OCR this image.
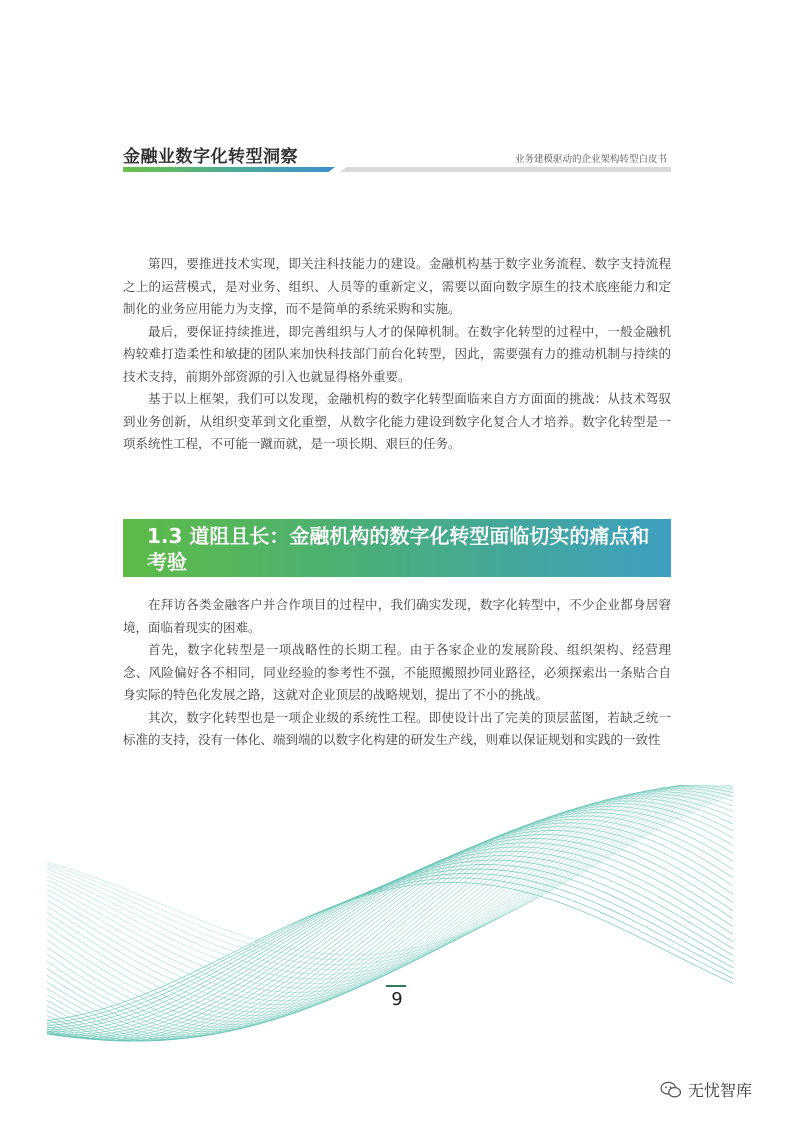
金融业数字化转型洞察	业务建模驱动的企业架构转型白皮书

第四，要推进技术实现，即关注科技能力的建设。金融机构基于数字业务流程、数字支持流程之上的运营模式，是对业务、组织、人员等的重新定义，需要以面向数字原生的技术底座能力和定制化的业务应用能力为支撑，而不是简单的系统采购和实施。

最后，要保证持续推进，即完善组织与人才的保障机制。在数字化转型的过程中，一般金融机构较难打造柔性和敏捷的团队来加快科技部门前台化转型，因此，需要强有力的推动机制与持续的技术支持，前期外部资源的引入也就显得格外重要。

基于以上框架，我们可以发现，金融机构的数字化转型面临来自方方面面的挑战：从技术驾驭到业务创新，从组织变革到文化重塑，从数字化能力建设到数字化复合人才培养。数字化转型是一项系统性工程，不可能一蹴而就，是一项长期、艰巨的任务。

1.3 道阻且长：金融机构的数字化转型面临切实的痛点和考验

在拜访各类金融客户并合作项目的过程中，我们确实发现，数字化转型中，不少企业都身居窘境，面临着现实的困难。

首先，数字化转型是一项战略性的长期工程。由于各家企业的发展阶段、组织架构、经营理念、风险偏好各不相同，同业经验的参考性不强，不能照搬照抄同业路径，必须探索出一条贴合自身实际的特色化发展之路，这就对企业顶层的战略规划，提出了不小的挑战。

其次，数字化转型也是一项企业级的系统性工程。即使设计出了完美的顶层蓝图，若缺乏统一标准的支持，没有一体化、端到端的以数字化构建的研发生产线，则难以保证规划和实践的一致性

9
无忧智库
